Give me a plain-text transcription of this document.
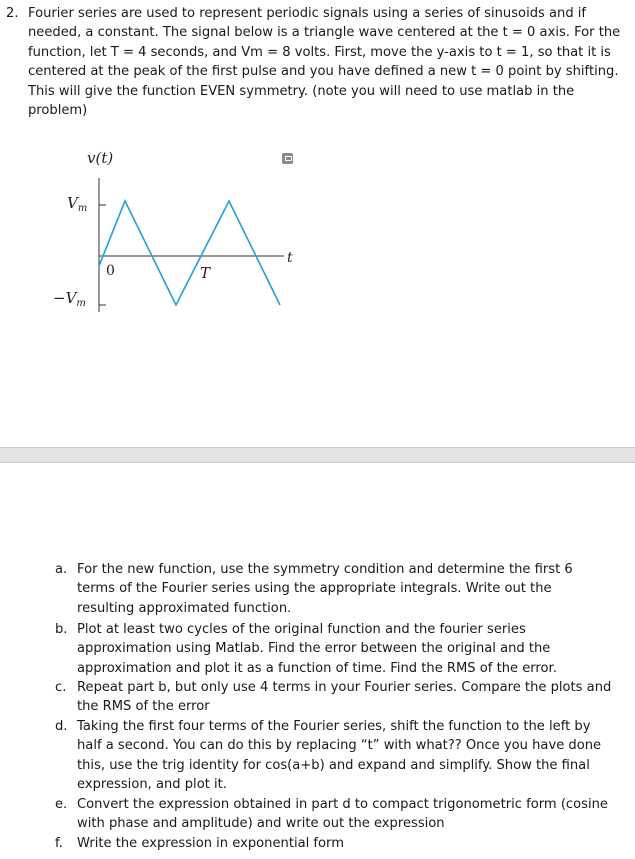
2. Fourier series are used to represent periodic signals using a series of sinusoids and if needed, a constant. The signal below is a triangle wave centered at the t = 0 axis. For the function, let T = 4 seconds, and Vm = 8 volts. First, move the y-axis to t = 1, so that it is centered at the peak of the first pulse and you have defined a new t = 0 point by shifting. This will give the function EVEN symmetry. (note you will need to use matlab in the problem)
v(t)
$V_m$
$-V_m$
0	T
t
a. For the new function, use the symmetry condition and determine the first 6 terms of the Fourier series using the appropriate integrals. Write out the resulting approximated function.
b. Plot at least two cycles of the original function and the fourier series approximation using Matlab. Find the error between the original and the approximation and plot it as a function of time. Find the RMS of the error.
c. Repeat part b, but only use 4 terms in your Fourier series. Compare the plots and the RMS of the error
d. Taking the first four terms of the Fourier series, shift the function to the left by half a second. You can do this by replacing “t” with what?? Once you have done this, use the trig identity for cos(a+b) and expand and simplify. Show the final expression, and plot it.
e. Convert the expression obtained in part d to compact trigonometric form (cosine with phase and amplitude) and write out the expression
f. Write the expression in exponential form
